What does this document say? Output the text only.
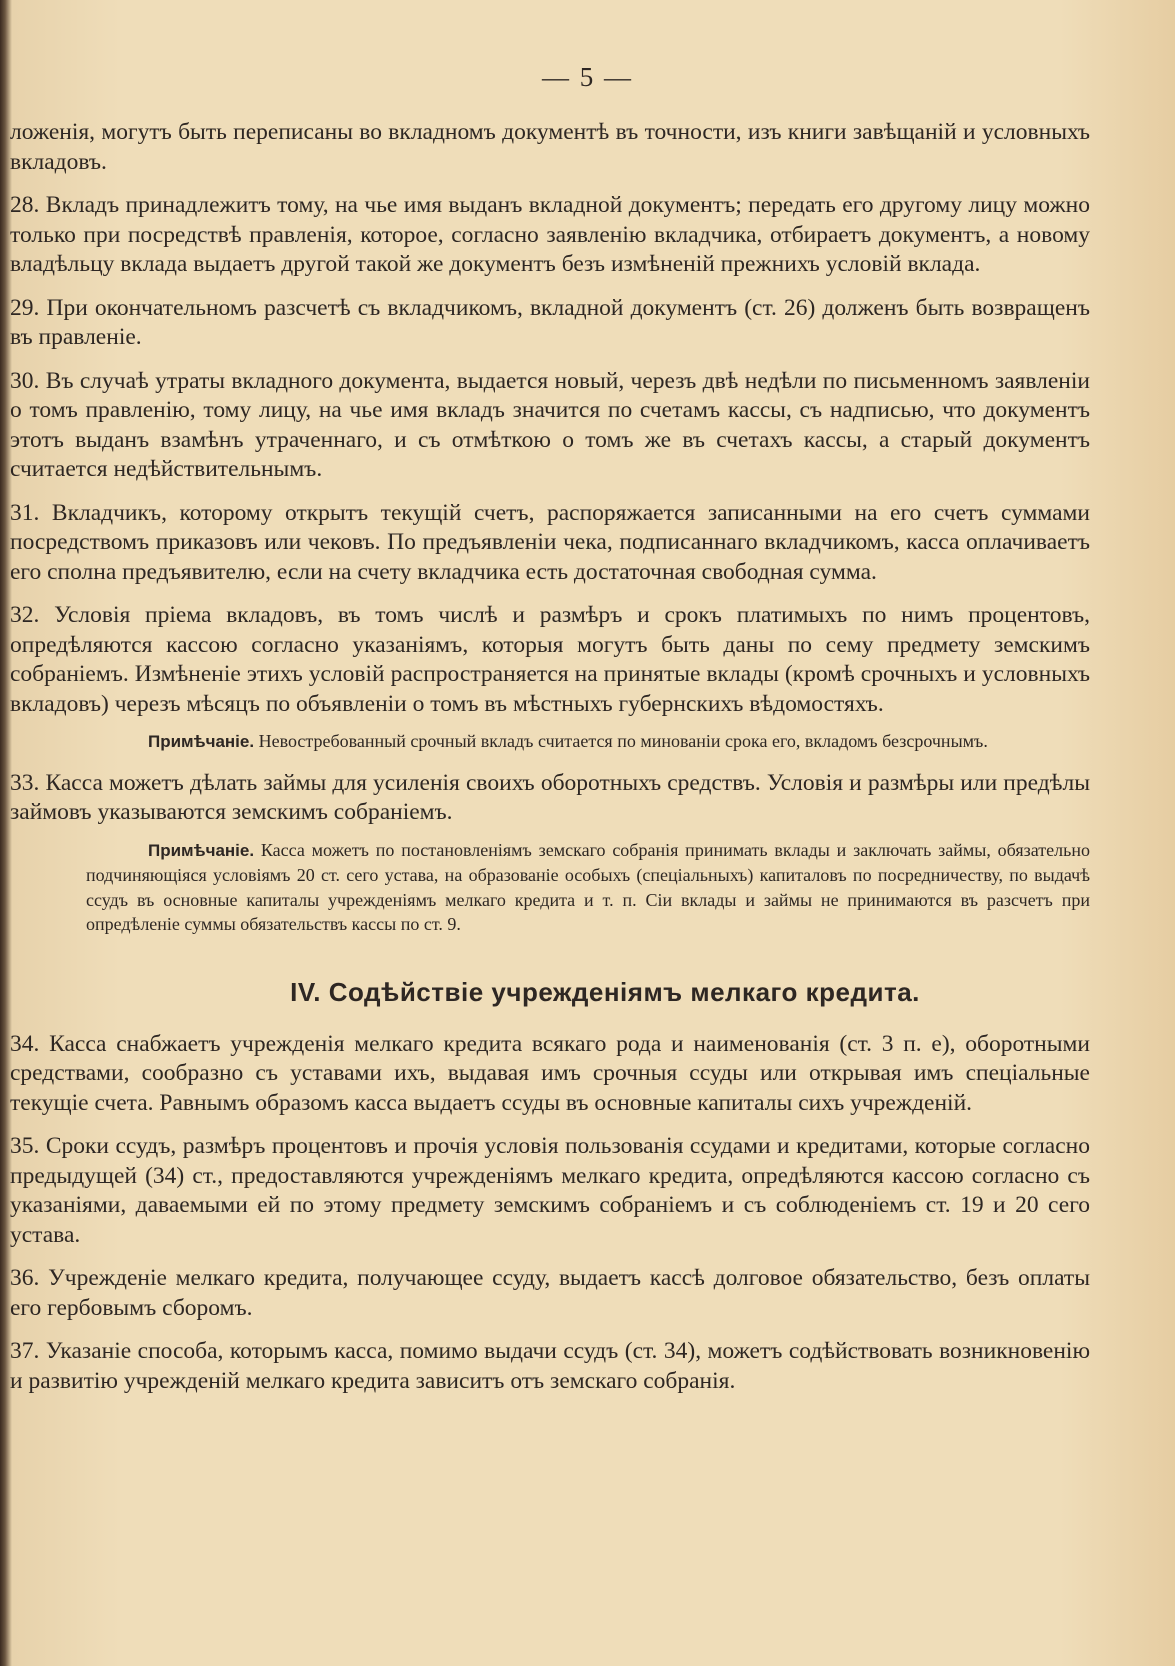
— 5 —

ложенія, могутъ быть переписаны во вкладномъ документѣ въ точности, изъ книги завѣщаній и условныхъ вкладовъ.

28. Вкладъ принадлежитъ тому, на чье имя выданъ вкладной документъ; передать его другому лицу можно только при посредствѣ правленія, которое, согласно заявленію вкладчика, отбираетъ документъ, а новому владѣльцу вклада выдаетъ другой такой же документъ безъ измѣненій прежнихъ условій вклада.

29. При окончательномъ разсчетѣ съ вкладчикомъ, вкладной документъ (ст. 26) долженъ быть возвращенъ въ правленіе.

30. Въ случаѣ утраты вкладного документа, выдается новый, черезъ двѣ недѣли по письменномъ заявленіи о томъ правленію, тому лицу, на чье имя вкладъ значится по счетамъ кассы, съ надписью, что документъ этотъ выданъ взамѣнъ утраченнаго, и съ отмѣткою о томъ же въ счетахъ кассы, а старый документъ считается недѣйствительнымъ.

31. Вкладчикъ, которому открытъ текущій счетъ, распоряжается записанными на его счетъ суммами посредствомъ приказовъ или чековъ. По предъявленіи чека, подписаннаго вкладчикомъ, касса оплачиваетъ его сполна предъявителю, если на счету вкладчика есть достаточная свободная сумма.

32. Условія пріема вкладовъ, въ томъ числѣ и размѣръ и срокъ платимыхъ по нимъ процентовъ, опредѣляются кассою согласно указаніямъ, которыя могутъ быть даны по сему предмету земскимъ собраніемъ. Измѣненіе этихъ условій распространяется на принятые вклады (кромѣ срочныхъ и условныхъ вкладовъ) черезъ мѣсяцъ по объявленіи о томъ въ мѣстныхъ губернскихъ вѣдомостяхъ.

Примѣчаніе. Невостребованный срочный вкладъ считается по минованіи срока его, вкладомъ безсрочнымъ.

33. Касса можетъ дѣлать займы для усиленія своихъ оборотныхъ средствъ. Условія и размѣры или предѣлы займовъ указываются земскимъ собраніемъ.

Примѣчаніе. Касса можетъ по постановленіямъ земскаго собранія принимать вклады и заключать займы, обязательно подчиняющіяся условіямъ 20 ст. сего устава, на образованіе особыхъ (спеціальныхъ) капиталовъ по посредничеству, по выдачѣ ссудъ въ основные капиталы учрежденіямъ мелкаго кредита и т. п. Сіи вклады и займы не принимаются въ разсчетъ при опредѣленіе суммы обязательствъ кассы по ст. 9.

IV. Содѣйствіе учрежденіямъ мелкаго кредита.

34. Касса снабжаетъ учрежденія мелкаго кредита всякаго рода и наименованія (ст. 3 п. е), оборотными средствами, сообразно съ уставами ихъ, выдавая имъ срочныя ссуды или открывая имъ спеціальные текущіе счета. Равнымъ образомъ касса выдаетъ ссуды въ основные капиталы сихъ учрежденій.

35. Сроки ссудъ, размѣръ процентовъ и прочія условія пользованія ссудами и кредитами, которые согласно предыдущей (34) ст., предоставляются учрежденіямъ мелкаго кредита, опредѣляются кассою согласно съ указаніями, даваемыми ей по этому предмету земскимъ собраніемъ и съ соблюденіемъ ст. 19 и 20 сего устава.

36. Учрежденіе мелкаго кредита, получающее ссуду, выдаетъ кассѣ долговое обязательство, безъ оплаты его гербовымъ сборомъ.

37. Указаніе способа, которымъ касса, помимо выдачи ссудъ (ст. 34), можетъ содѣйствовать возникновенію и развитію учрежденій мелкаго кредита зависитъ отъ земскаго собранія.
